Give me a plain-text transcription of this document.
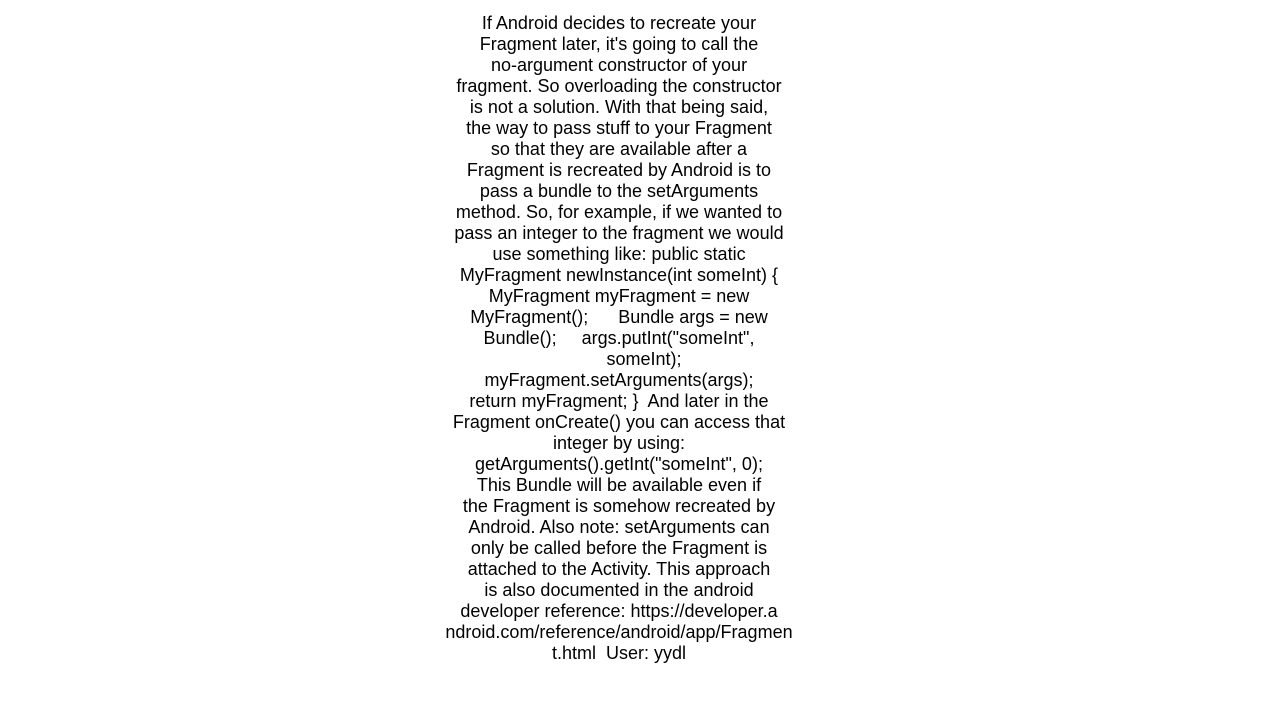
If Android decides to recreate your
Fragment later, it's going to call the
no-argument constructor of your
fragment. So overloading the constructor
is not a solution. With that being said,
the way to pass stuff to your Fragment
so that they are available after a
Fragment is recreated by Android is to
pass a bundle to the setArguments
method. So, for example, if we wanted to
pass an integer to the fragment we would
use something like: public static
MyFragment newInstance(int someInt) {
MyFragment myFragment = new
MyFragment();      Bundle args = new
Bundle();     args.putInt("someInt",
someInt);
myFragment.setArguments(args);
return myFragment; }  And later in the
Fragment onCreate() you can access that
integer by using:
getArguments().getInt("someInt", 0);
This Bundle will be available even if
the Fragment is somehow recreated by
Android. Also note: setArguments can
only be called before the Fragment is
attached to the Activity. This approach
is also documented in the android
developer reference: https://developer.a
ndroid.com/reference/android/app/Fragmen
t.html  User: yydl
